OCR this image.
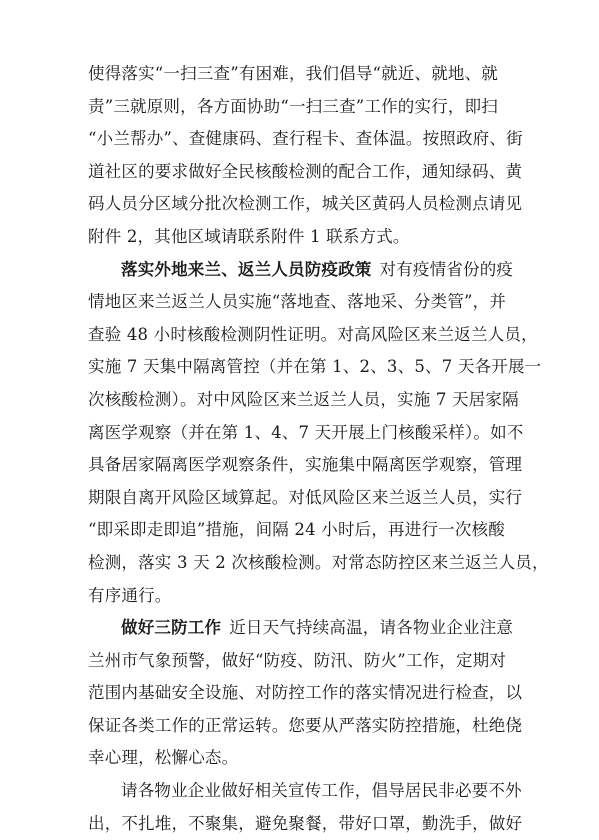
使得落实“一扫三查”有困难，我们倡导“就近、就地、就
责”三就原则，各方面协助“一扫三查”工作的实行，即扫
“小兰帮办”、查健康码、查行程卡、查体温。按照政府、街
道社区的要求做好全民核酸检测的配合工作，通知绿码、黄
码人员分区域分批次检测工作，城关区黄码人员检测点请见
附件 2，其他区域请联系附件 1 联系方式。
落实外地来兰、返兰人员防疫政策 对有疫情省份的疫
情地区来兰返兰人员实施“落地查、落地采、分类管”，并
查验 48 小时核酸检测阴性证明。对高风险区来兰返兰人员，
实施 7 天集中隔离管控（并在第 1、2、3、5、7 天各开展一
次核酸检测）。对中风险区来兰返兰人员，实施 7 天居家隔
离医学观察（并在第 1、4、7 天开展上门核酸采样）。如不
具备居家隔离医学观察条件，实施集中隔离医学观察，管理
期限自离开风险区域算起。对低风险区来兰返兰人员，实行
“即采即走即追”措施，间隔 24 小时后，再进行一次核酸
检测，落实 3 天 2 次核酸检测。对常态防控区来兰返兰人员，
有序通行。
做好三防工作 近日天气持续高温，请各物业企业注意
兰州市气象预警，做好“防疫、防汛、防火”工作，定期对
范围内基础安全设施、对防控工作的落实情况进行检查，以
保证各类工作的正常运转。您要从严落实防控措施，杜绝侥
幸心理，松懈心态。
请各物业企业做好相关宣传工作，倡导居民非必要不外
出，不扎堆，不聚集，避免聚餐，带好口罩，勤洗手，做好
